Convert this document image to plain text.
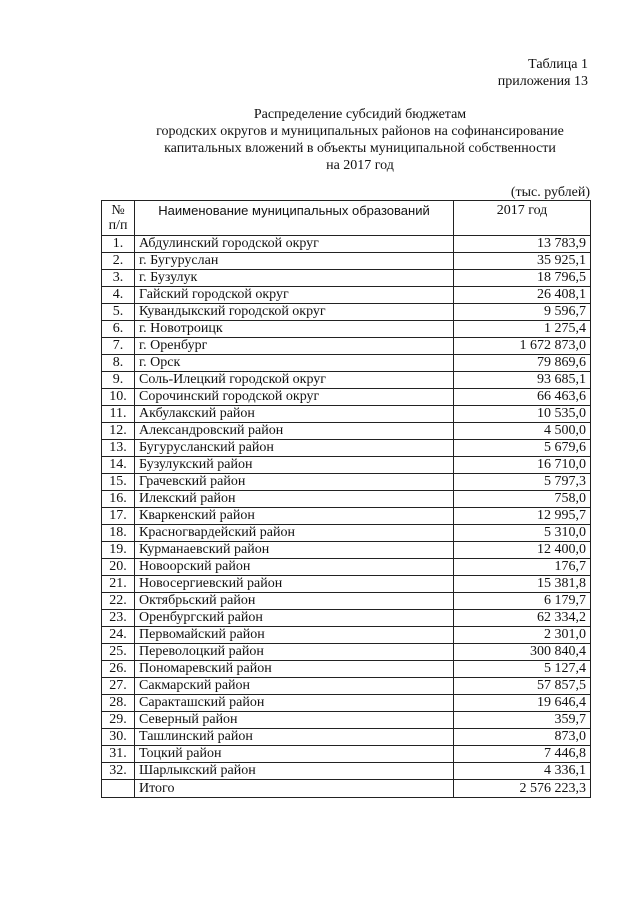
Таблица 1
приложения 13
Распределение субсидий бюджетам
городских округов и муниципальных районов на софинансирование
капитальных вложений в объекты муниципальной собственности
на 2017 год
(тыс. рублей)
№
п/п	Наименование муниципальных образований	2017 год
1.	Абдулинский городской округ	13 783,9
2.	г. Бугуруслан	35 925,1
3.	г. Бузулук	18 796,5
4.	Гайский городской округ	26 408,1
5.	Кувандыкский городской округ	9 596,7
6.	г. Новотроицк	1 275,4
7.	г. Оренбург	1 672 873,0
8.	г. Орск	79 869,6
9.	Соль-Илецкий городской округ	93 685,1
10.	Сорочинский городской округ	66 463,6
11.	Акбулакский район	10 535,0
12.	Александровский район	4 500,0
13.	Бугурусланский район	5 679,6
14.	Бузулукский район	16 710,0
15.	Грачевский район	5 797,3
16.	Илекский район	758,0
17.	Кваркенский район	12 995,7
18.	Красногвардейский район	5 310,0
19.	Курманаевский район	12 400,0
20.	Новоорский район	176,7
21.	Новосергиевский район	15 381,8
22.	Октябрьский район	6 179,7
23.	Оренбургский район	62 334,2
24.	Первомайский район	2 301,0
25.	Переволоцкий район	300 840,4
26.	Пономаревский район	5 127,4
27.	Сакмарский район	57 857,5
28.	Саракташский район	19 646,4
29.	Северный район	359,7
30.	Ташлинский район	873,0
31.	Тоцкий район	7 446,8
32.	Шарлыкский район	4 336,1
	Итого	2 576 223,3
